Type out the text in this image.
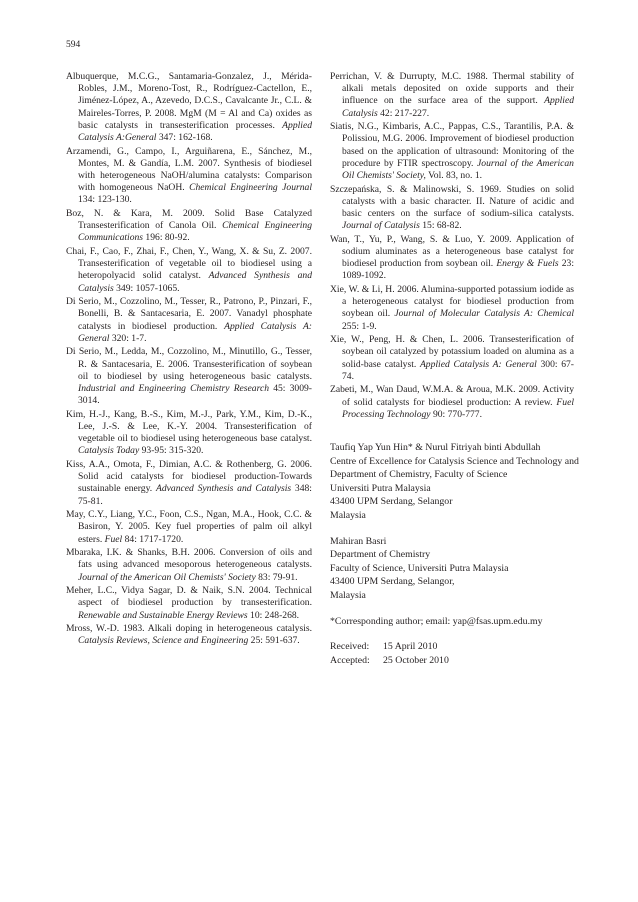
594

Albuquerque, M.C.G., Santamaria-Gonzalez, J., Mérida-Robles, J.M., Moreno-Tost, R., Rodríguez-Cactellon, E., Jiménez-López, A., Azevedo, D.C.S., Cavalcante Jr., C.L. & Maireles-Torres, P. 2008. MgM (M = Al and Ca) oxides as basic catalysts in transesterification processes. Applied Catalysis A:General 347: 162-168.

Arzamendi, G., Campo, I., Arguiñarena, E., Sánchez, M., Montes, M. & Gandía, L.M. 2007. Synthesis of biodiesel with heterogeneous NaOH/alumina catalysts: Comparison with homogeneous NaOH. Chemical Engineering Journal 134: 123-130.

Boz, N. & Kara, M. 2009. Solid Base Catalyzed Transesterification of Canola Oil. Chemical Engineering Communications 196: 80-92.

Chai, F., Cao, F., Zhai, F., Chen, Y., Wang, X. & Su, Z. 2007. Transesterification of vegetable oil to biodiesel using a heteropolyacid solid catalyst. Advanced Synthesis and Catalysis 349: 1057-1065.

Di Serio, M., Cozzolino, M., Tesser, R., Patrono, P., Pinzari, F., Bonelli, B. & Santacesaria, E. 2007. Vanadyl phosphate catalysts in biodiesel production. Applied Catalysis A: General 320: 1-7.

Di Serio, M., Ledda, M., Cozzolino, M., Minutillo, G., Tesser, R. & Santacesaria, E. 2006. Transesterification of soybean oil to biodiesel by using heterogeneous basic catalysts. Industrial and Engineering Chemistry Research 45: 3009-3014.

Kim, H.-J., Kang, B.-S., Kim, M.-J., Park, Y.M., Kim, D.-K., Lee, J.-S. & Lee, K.-Y. 2004. Transesterification of vegetable oil to biodiesel using heterogeneous base catalyst. Catalysis Today 93-95: 315-320.

Kiss, A.A., Omota, F., Dimian, A.C. & Rothenberg, G. 2006. Solid acid catalysts for biodiesel production-Towards sustainable energy. Advanced Synthesis and Catalysis 348: 75-81.

May, C.Y., Liang, Y.C., Foon, C.S., Ngan, M.A., Hook, C.C. & Basiron, Y. 2005. Key fuel properties of palm oil alkyl esters. Fuel 84: 1717-1720.

Mbaraka, I.K. & Shanks, B.H. 2006. Conversion of oils and fats using advanced mesoporous heterogeneous catalysts. Journal of the American Oil Chemists' Society 83: 79-91.

Meher, L.C., Vidya Sagar, D. & Naik, S.N. 2004. Technical aspect of biodiesel production by transesterification. Renewable and Sustainable Energy Reviews 10: 248-268.

Mross, W.-D. 1983. Alkali doping in heterogeneous catalysis. Catalysis Reviews, Science and Engineering 25: 591-637.

Perrichan, V. & Durrupty, M.C. 1988. Thermal stability of alkali metals deposited on oxide supports and their influence on the surface area of the support. Applied Catalysis 42: 217-227.

Siatis, N.G., Kimbaris, A.C., Pappas, C.S., Tarantilis, P.A. & Polissiou, M.G. 2006. Improvement of biodiesel production based on the application of ultrasound: Monitoring of the procedure by FTIR spectroscopy. Journal of the American Oil Chemists' Society, Vol. 83, no. 1.

Szczepańska, S. & Malinowski, S. 1969. Studies on solid catalysts with a basic character. II. Nature of acidic and basic centers on the surface of sodium-silica catalysts. Journal of Catalysis 15: 68-82.

Wan, T., Yu, P., Wang, S. & Luo, Y. 2009. Application of sodium aluminates as a heterogeneous base catalyst for biodiesel production from soybean oil. Energy & Fuels 23: 1089-1092.

Xie, W. & Li, H. 2006. Alumina-supported potassium iodide as a heterogeneous catalyst for biodiesel production from soybean oil. Journal of Molecular Catalysis A: Chemical 255: 1-9.

Xie, W., Peng, H. & Chen, L. 2006. Transesterification of soybean oil catalyzed by potassium loaded on alumina as a solid-base catalyst. Applied Catalysis A: General 300: 67-74.

Zabeti, M., Wan Daud, W.M.A. & Aroua, M.K. 2009. Activity of solid catalysts for biodiesel production: A review. Fuel Processing Technology 90: 770-777.

Taufiq Yap Yun Hin* & Nurul Fitriyah binti Abdullah
Centre of Excellence for Catalysis Science and Technology and
Department of Chemistry, Faculty of Science
Universiti Putra Malaysia
43400 UPM Serdang, Selangor
Malaysia
Mahiran Basri
Department of Chemistry
Faculty of Science, Universiti Putra Malaysia
43400 UPM Serdang, Selangor,
Malaysia
*Corresponding author; email: yap@fsas.upm.edu.my
Received: 15 April 2010
Accepted: 25 October 2010
